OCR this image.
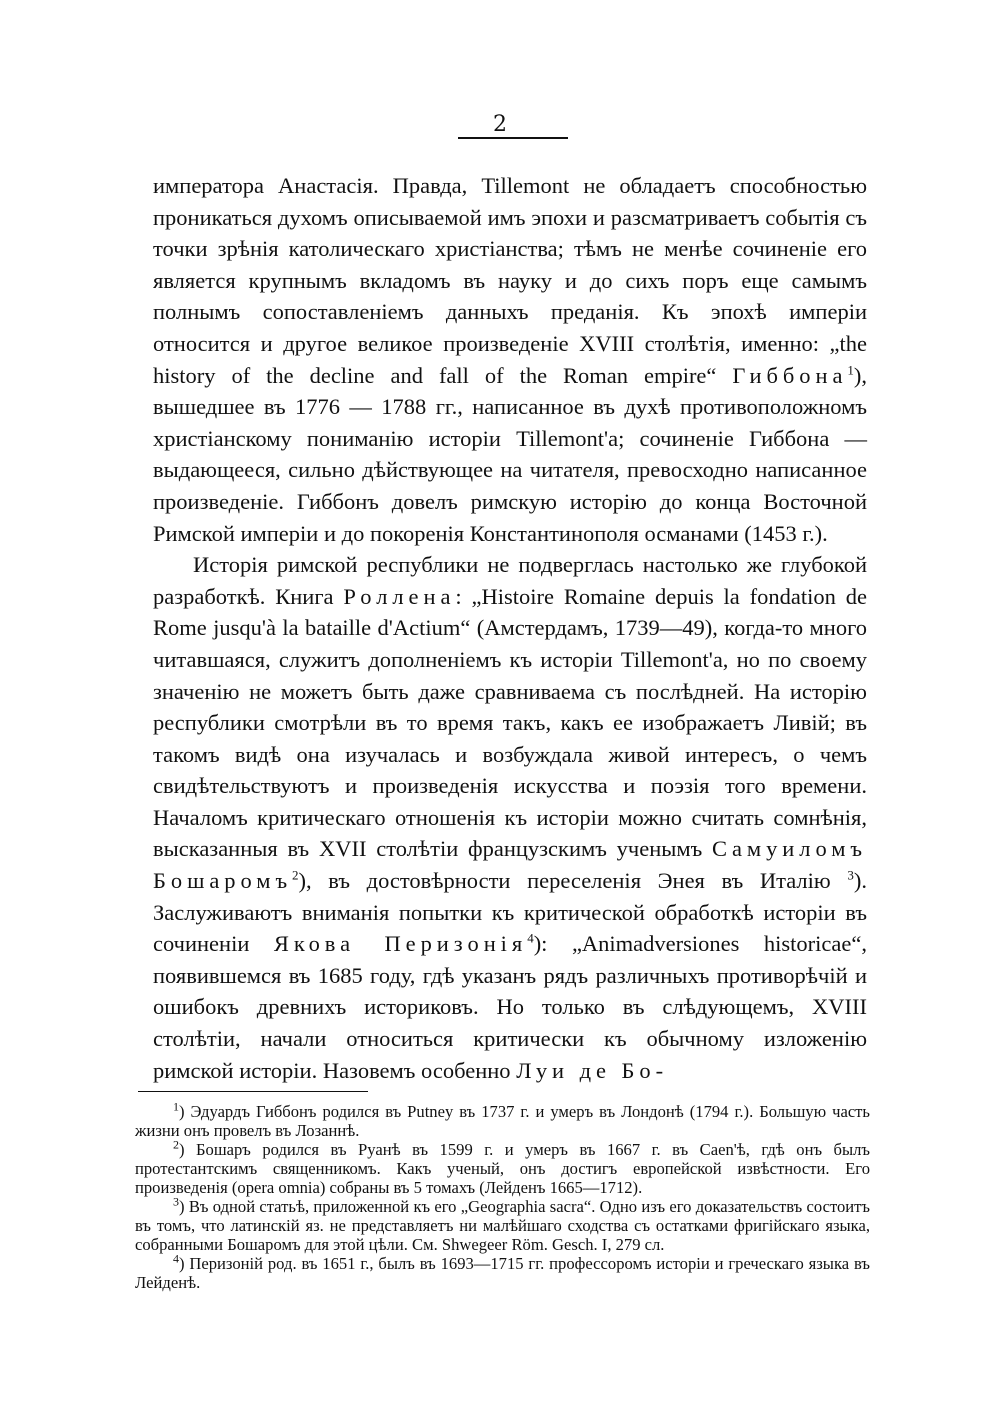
2

императора Анастасія. Правда, Tillemont не обладаетъ способностью проникаться духомъ описываемой имъ эпохи и разсматриваетъ событія съ точки зрѣнія католическаго христіанства; тѣмъ не менѣе сочиненіе его является крупнымъ вкладомъ въ науку и до сихъ поръ еще самымъ полнымъ сопоставленіемъ данныхъ преданія. Къ эпохѣ имперіи относится и другое великое произведеніе XVIII столѣтія, именно: „the history of the decline and fall of the Roman empire“ Гиббона$^1$), вышедшее въ 1776 — 1788 гг., написанное въ духѣ противоположномъ христіанскому пониманію исторіи Tillemont'a; сочиненіе Гиббона — выдающееся, сильно дѣйствующее на читателя, превосходно написанное произведеніе. Гиббонъ довелъ римскую исторію до конца Восточной Римской имперіи и до покоренія Константинополя османами (1453 г.).

Исторія римской республики не подверглась настолько же глубокой разработкѣ. Книга Роллена: „Histoire Romaine depuis la fondation de Rome jusqu'à la bataille d'Actium“ (Амстердамъ, 1739—49), когда-то много читавшаяся, служитъ дополненіемъ къ исторіи Tillemont'a, но по своему значенію не можетъ быть даже сравниваема съ послѣдней. На исторію республики смотрѣли въ то время такъ, какъ ее изображаетъ Ливій; въ такомъ видѣ она изучалась и возбуждала живой интересъ, о чемъ свидѣтельствуютъ и произведенія искусства и поэзія того времени. Началомъ критическаго отношенія къ исторіи можно считать сомнѣнія, высказанныя въ XVII столѣтіи французскимъ ученымъ Самуиломъ Бошаромъ$^2$), въ достовѣрности переселенія Энея въ Италію $^3$). Заслуживаютъ вниманія попытки къ критической обработкѣ исторіи въ сочиненіи Якова Перизонія$^4$): „Animadversiones historicae“, появившемся въ 1685 году, гдѣ указанъ рядъ различныхъ противорѣчій и ошибокъ древнихъ историковъ. Но только въ слѣдующемъ, XVIII столѣтіи, начали относиться критически къ обычному изложенію римской исторіи. Назовемъ особенно Луи де Бо-

$^1$) Эдуардъ Гиббонъ родился въ Putney въ 1737 г. и умеръ въ Лондонѣ (1794 г.). Большую часть жизни онъ провелъ въ Лозаннѣ.

$^2$) Бошаръ родился въ Руанѣ въ 1599 г. и умеръ въ 1667 г. въ Caen'ѣ, гдѣ онъ былъ протестантскимъ священникомъ. Какъ ученый, онъ достигъ европейской извѣстности. Его произведенія (opera omnia) собраны въ 5 томахъ (Лейденъ 1665—1712).

$^3$) Въ одной статьѣ, приложенной къ его „Geographia sacra“. Одно изъ его доказательствъ состоитъ въ томъ, что латинскій яз. не представляетъ ни малѣйшаго сходства съ остатками фригійскаго языка, собранными Бошаромъ для этой цѣли. См. Shwegeer Röm. Gesch. I, 279 сл.

$^4$) Перизоній род. въ 1651 г., былъ въ 1693—1715 гг. профессоромъ исторіи и греческаго языка въ Лейденѣ.
